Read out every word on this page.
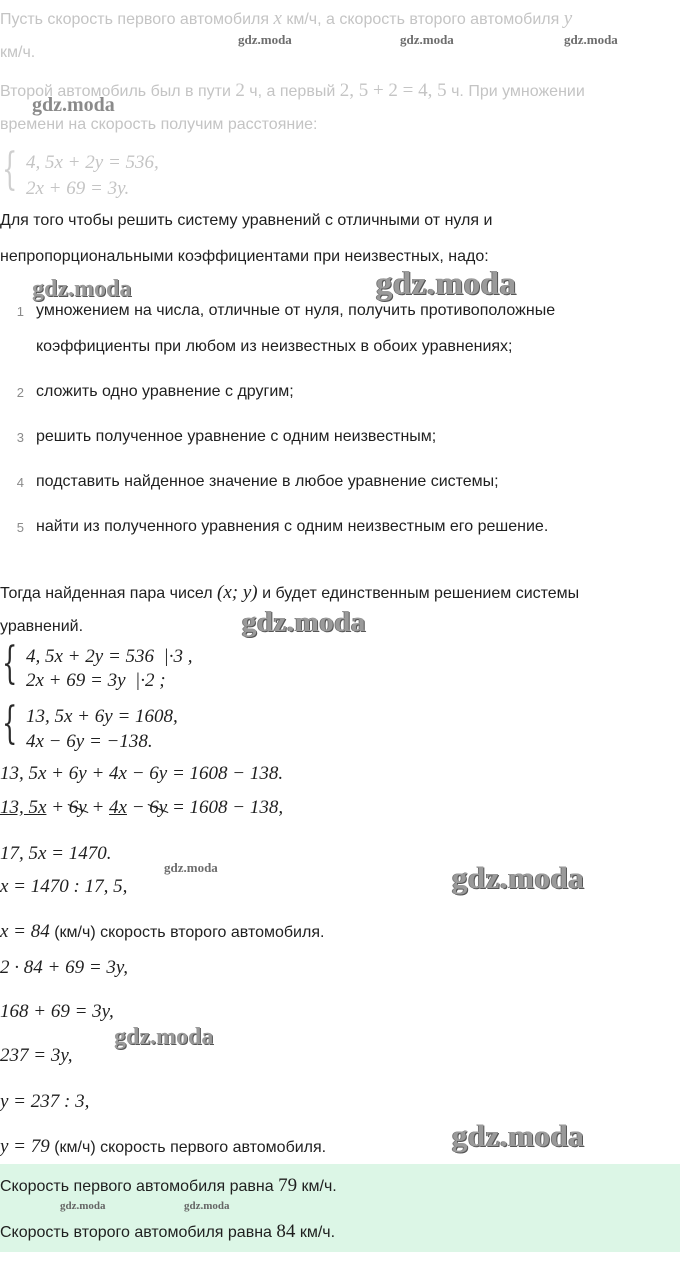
Пусть скорость первого автомобиля x км/ч, а скорость второго автомобиля y
км/ч.
Второй автомобиль был в пути 2 ч, а первый 2, 5 + 2 = 4, 5 ч. При умножении
времени на скорость получим расстояние:
{ 4, 5x + 2y = 536,
2x + 69 = 3y.
Для того чтобы решить систему уравнений с отличными от нуля и
непропорциональными коэффициентами при неизвестных, надо:
1 умножением на числа, отличные от нуля, получить противоположные
коэффициенты при любом из неизвестных в обоих уравнениях;
2 сложить одно уравнение с другим;
3 решить полученное уравнение с одним неизвестным;
4 подставить найденное значение в любое уравнение системы;
5 найти из полученного уравнения с одним неизвестным его решение.
Тогда найденная пара чисел (x; y) и будет единственным решением системы
уравнений.
{ 4, 5x + 2y = 536 |·3 ,
2x + 69 = 3y |·2 ;
{ 13, 5x + 6y = 1608,
4x − 6y = −138.
13, 5x + 6y + 4x − 6y = 1608 − 138.
13, 5x + 6y + 4x − 6y = 1608 − 138,
17, 5x = 1470.
x = 1470 : 17, 5,
x = 84 (км/ч) скорость второго автомобиля.
2 · 84 + 69 = 3y,
168 + 69 = 3y,
237 = 3y,
y = 237 : 3,
y = 79 (км/ч) скорость первого автомобиля.
Скорость первого автомобиля равна 79 км/ч.
Скорость второго автомобиля равна 84 км/ч.
gdz.moda	gdz.moda	gdz.moda
gdz.moda
gdz.moda	gdz.moda
gdz.moda
gdz.moda	gdz.moda
gdz.moda
gdz.moda
gdz.moda	gdz.moda
